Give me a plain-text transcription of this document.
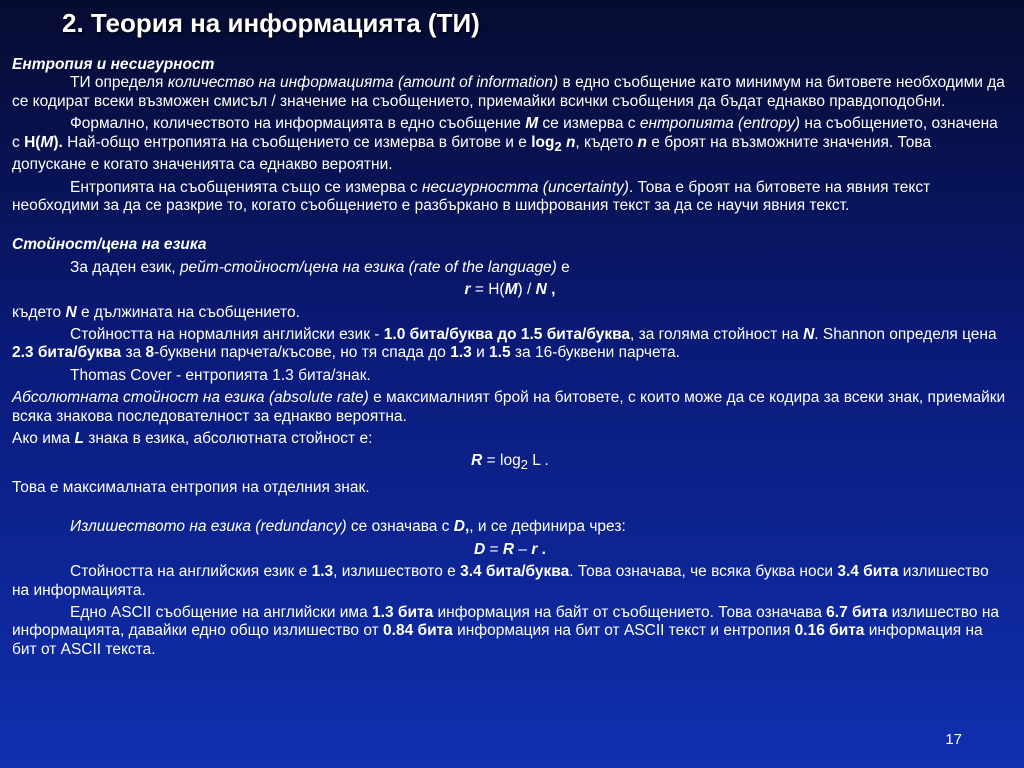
2. Теория на информацията (ТИ)

Ентропия и несигурност

ТИ определя количество на информацията (amount of information) в едно съобщение като минимум на битовете необходими да се кодират всеки възможен смисъл / значение на съобщението, приемайки всички съобщения да бъдат еднакво правдоподобни.

Формално, количеството на информацията в едно съобщение M се измерва с ентропията (entropy) на съобщението, означена с H(M). Най-общо ентропията на съобщението се измерва в битове и е $\log_2 n$, където n е броят на възможните значения. Това допускане е когато значенията са еднакво вероятни.

Ентропията на съобщенията също се измерва с несигурността (uncertainty). Това е броят на битовете на явния текст необходими за да се разкрие то, когато съобщението е разбъркано в шифрования текст за да се научи явния текст.

Стойност/цена на езика

За даден език, рейт-стойност/цена на езика (rate of the language) е

r = H(M) / N ,

където N е дължината на съобщението.

Стойността на нормалния английски език - 1.0 бита/буква до 1.5 бита/буква, за голяма стойност на N. Shannon определя цена 2.3 бита/буква за 8-буквени парчета/късове, но тя спада до 1.3 и 1.5 за 16-буквени парчета.

Thomas Cover - ентропията 1.3 бита/знак.

Абсолютната стойност на езика (absolute rate) е максималният брой на битовете, с които може да се кодира за всеки знак, приемайки всяка знакова последователност за еднакво вероятна.

Ако има L знака в езика, абсолютната стойност е:

$R = \log_2 L$ .

Това е максималната ентропия на отделния знак.

Излишеството на езика (redundancy) се означава с D,, и се дефинира чрез:

D = R – r .

Стойността на английския език е 1.3, излишеството е 3.4 бита/буква. Това означава, че всяка буква носи 3.4 бита излишество на информацията.

Едно ASCII съобщение на английски има 1.3 бита информация на байт от съобщението. Това означава 6.7 бита излишество на информацията, давайки едно общо излишество от 0.84 бита информация на бит от ASCII текст и ентропия 0.16 бита информация на бит от ASCII текста.

17
